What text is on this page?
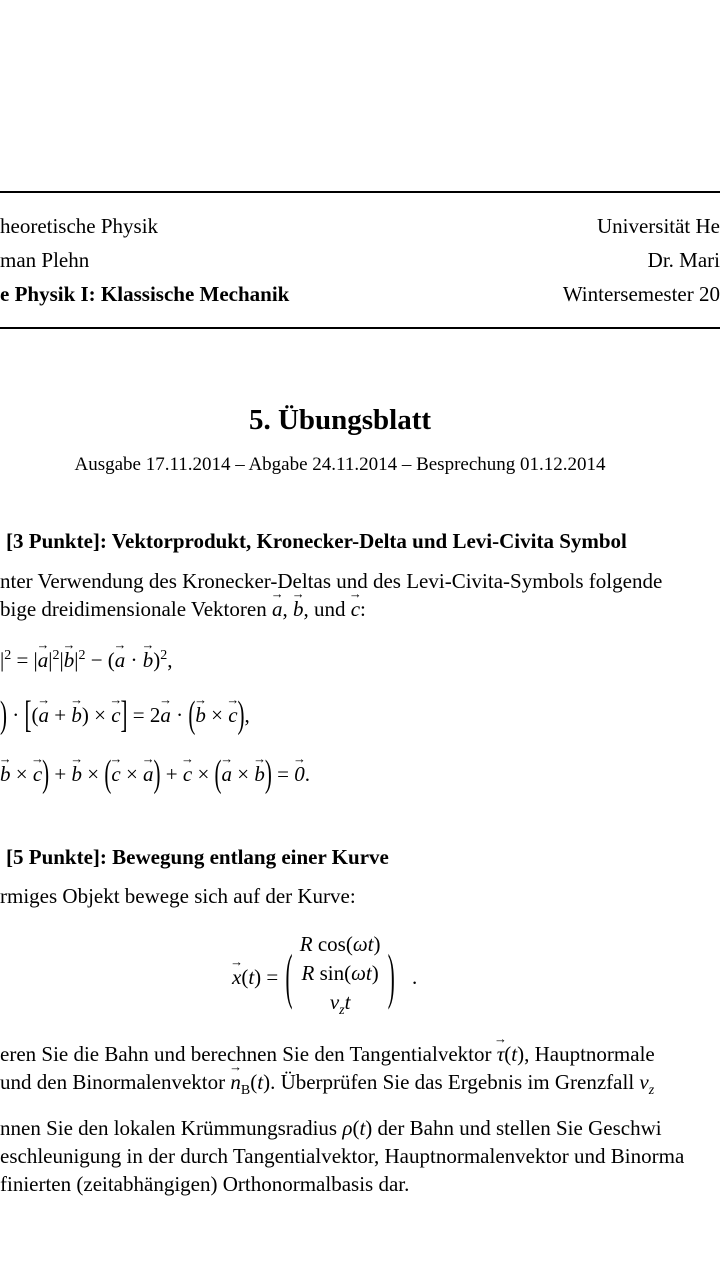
heoretische Physik
man Plehn
e Physik I: Klassische Mechanik
Universität He
Dr. Mari
Wintersemester 20
5. Übungsblatt
Ausgabe 17.11.2014 – Abgabe 24.11.2014 – Besprechung 01.12.2014
[3 Punkte]: Vektorprodukt, Kronecker-Delta und Levi-Civita Symbol
nter Verwendung des Kronecker-Deltas und des Levi-Civita-Symbols folgende
bige dreidimensionale Vektoren → a, → b, und → c:
$|^2$ = |→ $a|^2|\to b|^2$ − (→ a · → b)$^2$,
) · [(→ a + → b) × → c] = 2→ a · (→ b × → c),
→ b × → c) + → b × (→ c × → a) + → c × (→ a × → b) = → 0.
[5 Punkte]: Bewegung entlang einer Kurve
rmiges Objekt bewege sich auf der Kurve:
→ x(t) = ( R cos(ωt)
R sin(ωt)
$v_zt$ ) .
eren Sie die Bahn und berechnen Sie den Tangentialvektor → τ(t), Hauptnormale
und den Binormalenvektor → $n_B(t)$. Überprüfen Sie das Ergebnis im Grenzfall $v_z$
nnen Sie den lokalen Krümmungsradius ρ(t) der Bahn und stellen Sie Geschwi
eschleunigung in der durch Tangentialvektor, Hauptnormalenvektor und Binorma
finierten (zeitabhängigen) Orthonormalbasis dar.
